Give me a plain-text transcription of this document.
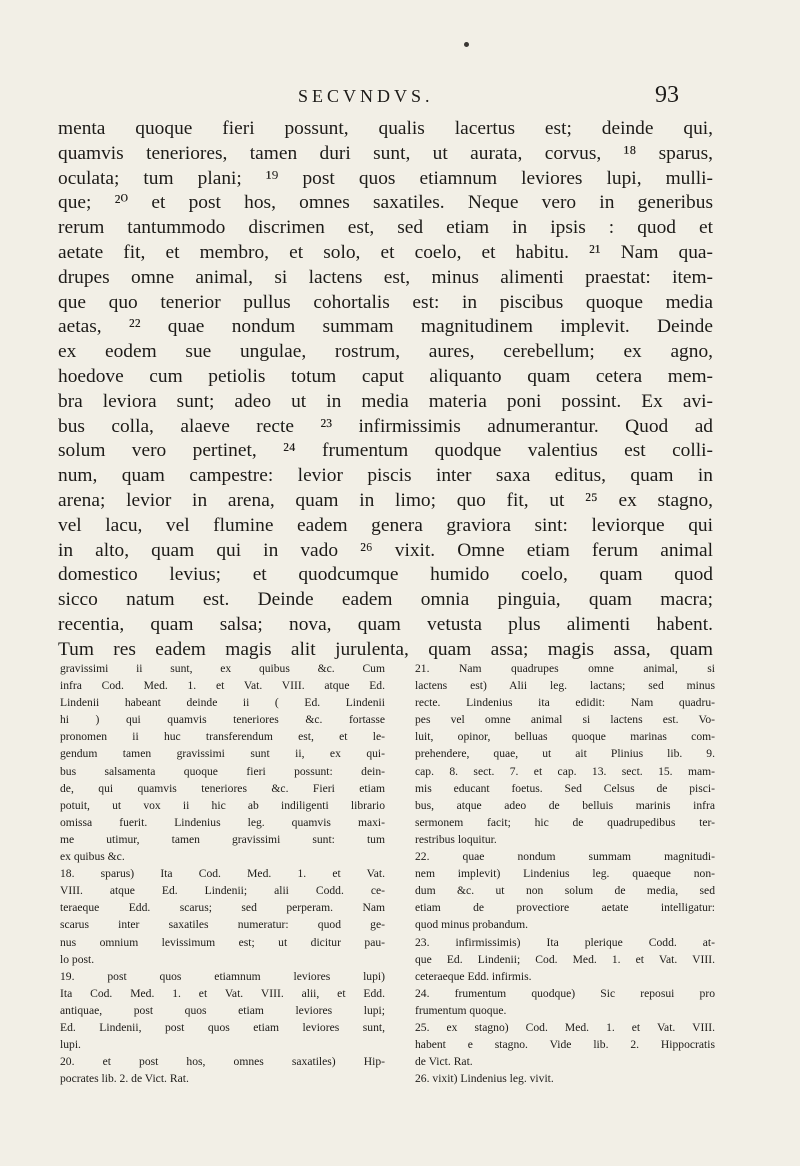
SECVNDVS.	93
menta quoque fieri possunt, qualis lacertus est; deinde qui,
quamvis teneriores, tamen duri sunt, ut aurata, corvus, ¹⁸ sparus,
oculata; tum plani; ¹⁹ post quos etiamnum leviores lupi, mulli-
que; ²⁰ et post hos, omnes saxatiles. Neque vero in generibus
rerum tantummodo discrimen est, sed etiam in ipsis : quod et
aetate fit, et membro, et solo, et coelo, et habitu. ²¹ Nam qua-
drupes omne animal, si lactens est, minus alimenti praestat: item-
que quo tenerior pullus cohortalis est: in piscibus quoque media
aetas, ²² quae nondum summam magnitudinem implevit. Deinde
ex eodem sue ungulae, rostrum, aures, cerebellum; ex agno,
hoedove cum petiolis totum caput aliquanto quam cetera mem-
bra leviora sunt; adeo ut in media materia poni possint. Ex avi-
bus colla, alaeve recte ²³ infirmissimis adnumerantur. Quod ad
solum vero pertinet, ²⁴ frumentum quodque valentius est colli-
num, quam campestre: levior piscis inter saxa editus, quam in
arena; levior in arena, quam in limo; quo fit, ut ²⁵ ex stagno,
vel lacu, vel flumine eadem genera graviora sint: leviorque qui
in alto, quam qui in vado ²⁶ vixit. Omne etiam ferum animal
domestico levius; et quodcumque humido coelo, quam quod
sicco natum est. Deinde eadem omnia pinguia, quam macra;
recentia, quam salsa; nova, quam vetusta plus alimenti habent.
Tum res eadem magis alit jurulenta, quam assa; magis assa, quam
gravissimi ii sunt, ex quibus &c. Cum
infra Cod. Med. 1. et Vat. VIII. atque Ed.
Lindenii habeant deinde ii ( Ed. Lindenii
hi ) qui quamvis teneriores &c. fortasse
pronomen ii huc transferendum est, et le-
gendum tamen gravissimi sunt ii, ex qui-
bus salsamenta quoque fieri possunt: dein-
de, qui quamvis teneriores &c. Fieri etiam
potuit, ut vox ii hic ab indiligenti librario
omissa fuerit. Lindenius leg. quamvis maxi-
me utimur, tamen gravissimi sunt: tum
ex quibus &c.
18. sparus) Ita Cod. Med. 1. et Vat.
VIII. atque Ed. Lindenii; alii Codd. ce-
teraeque Edd. scarus; sed perperam. Nam
scarus inter saxatiles numeratur: quod ge-
nus omnium levissimum est; ut dicitur pau-
lo post.
19. post quos etiamnum leviores lupi)
Ita Cod. Med. 1. et Vat. VIII. alii, et Edd.
antiquae, post quos etiam leviores lupi;
Ed. Lindenii, post quos etiam leviores sunt,
lupi.
20. et post hos, omnes saxatiles) Hip-
pocrates lib. 2. de Vict. Rat.
21. Nam quadrupes omne animal, si
lactens est) Alii leg. lactans; sed minus
recte. Lindenius ita edidit: Nam quadru-
pes vel omne animal si lactens est. Vo-
luit, opinor, belluas quoque marinas com-
prehendere, quae, ut ait Plinius lib. 9.
cap. 8. sect. 7. et cap. 13. sect. 15. mam-
mis educant foetus. Sed Celsus de pisci-
bus, atque adeo de belluis marinis infra
sermonem facit; hic de quadrupedibus ter-
restribus loquitur.
22. quae nondum summam magnitudi-
nem implevit) Lindenius leg. quaeque non-
dum &c. ut non solum de media, sed
etiam de provectiore aetate intelligatur:
quod minus probandum.
23. infirmissimis) Ita plerique Codd. at-
que Ed. Lindenii; Cod. Med. 1. et Vat. VIII.
ceteraeque Edd. infirmis.
24. frumentum quodque) Sic reposui pro
frumentum quoque.
25. ex stagno) Cod. Med. 1. et Vat. VIII.
habent e stagno. Vide lib. 2. Hippocratis
de Vict. Rat.
26. vixit) Lindenius leg. vivit.
